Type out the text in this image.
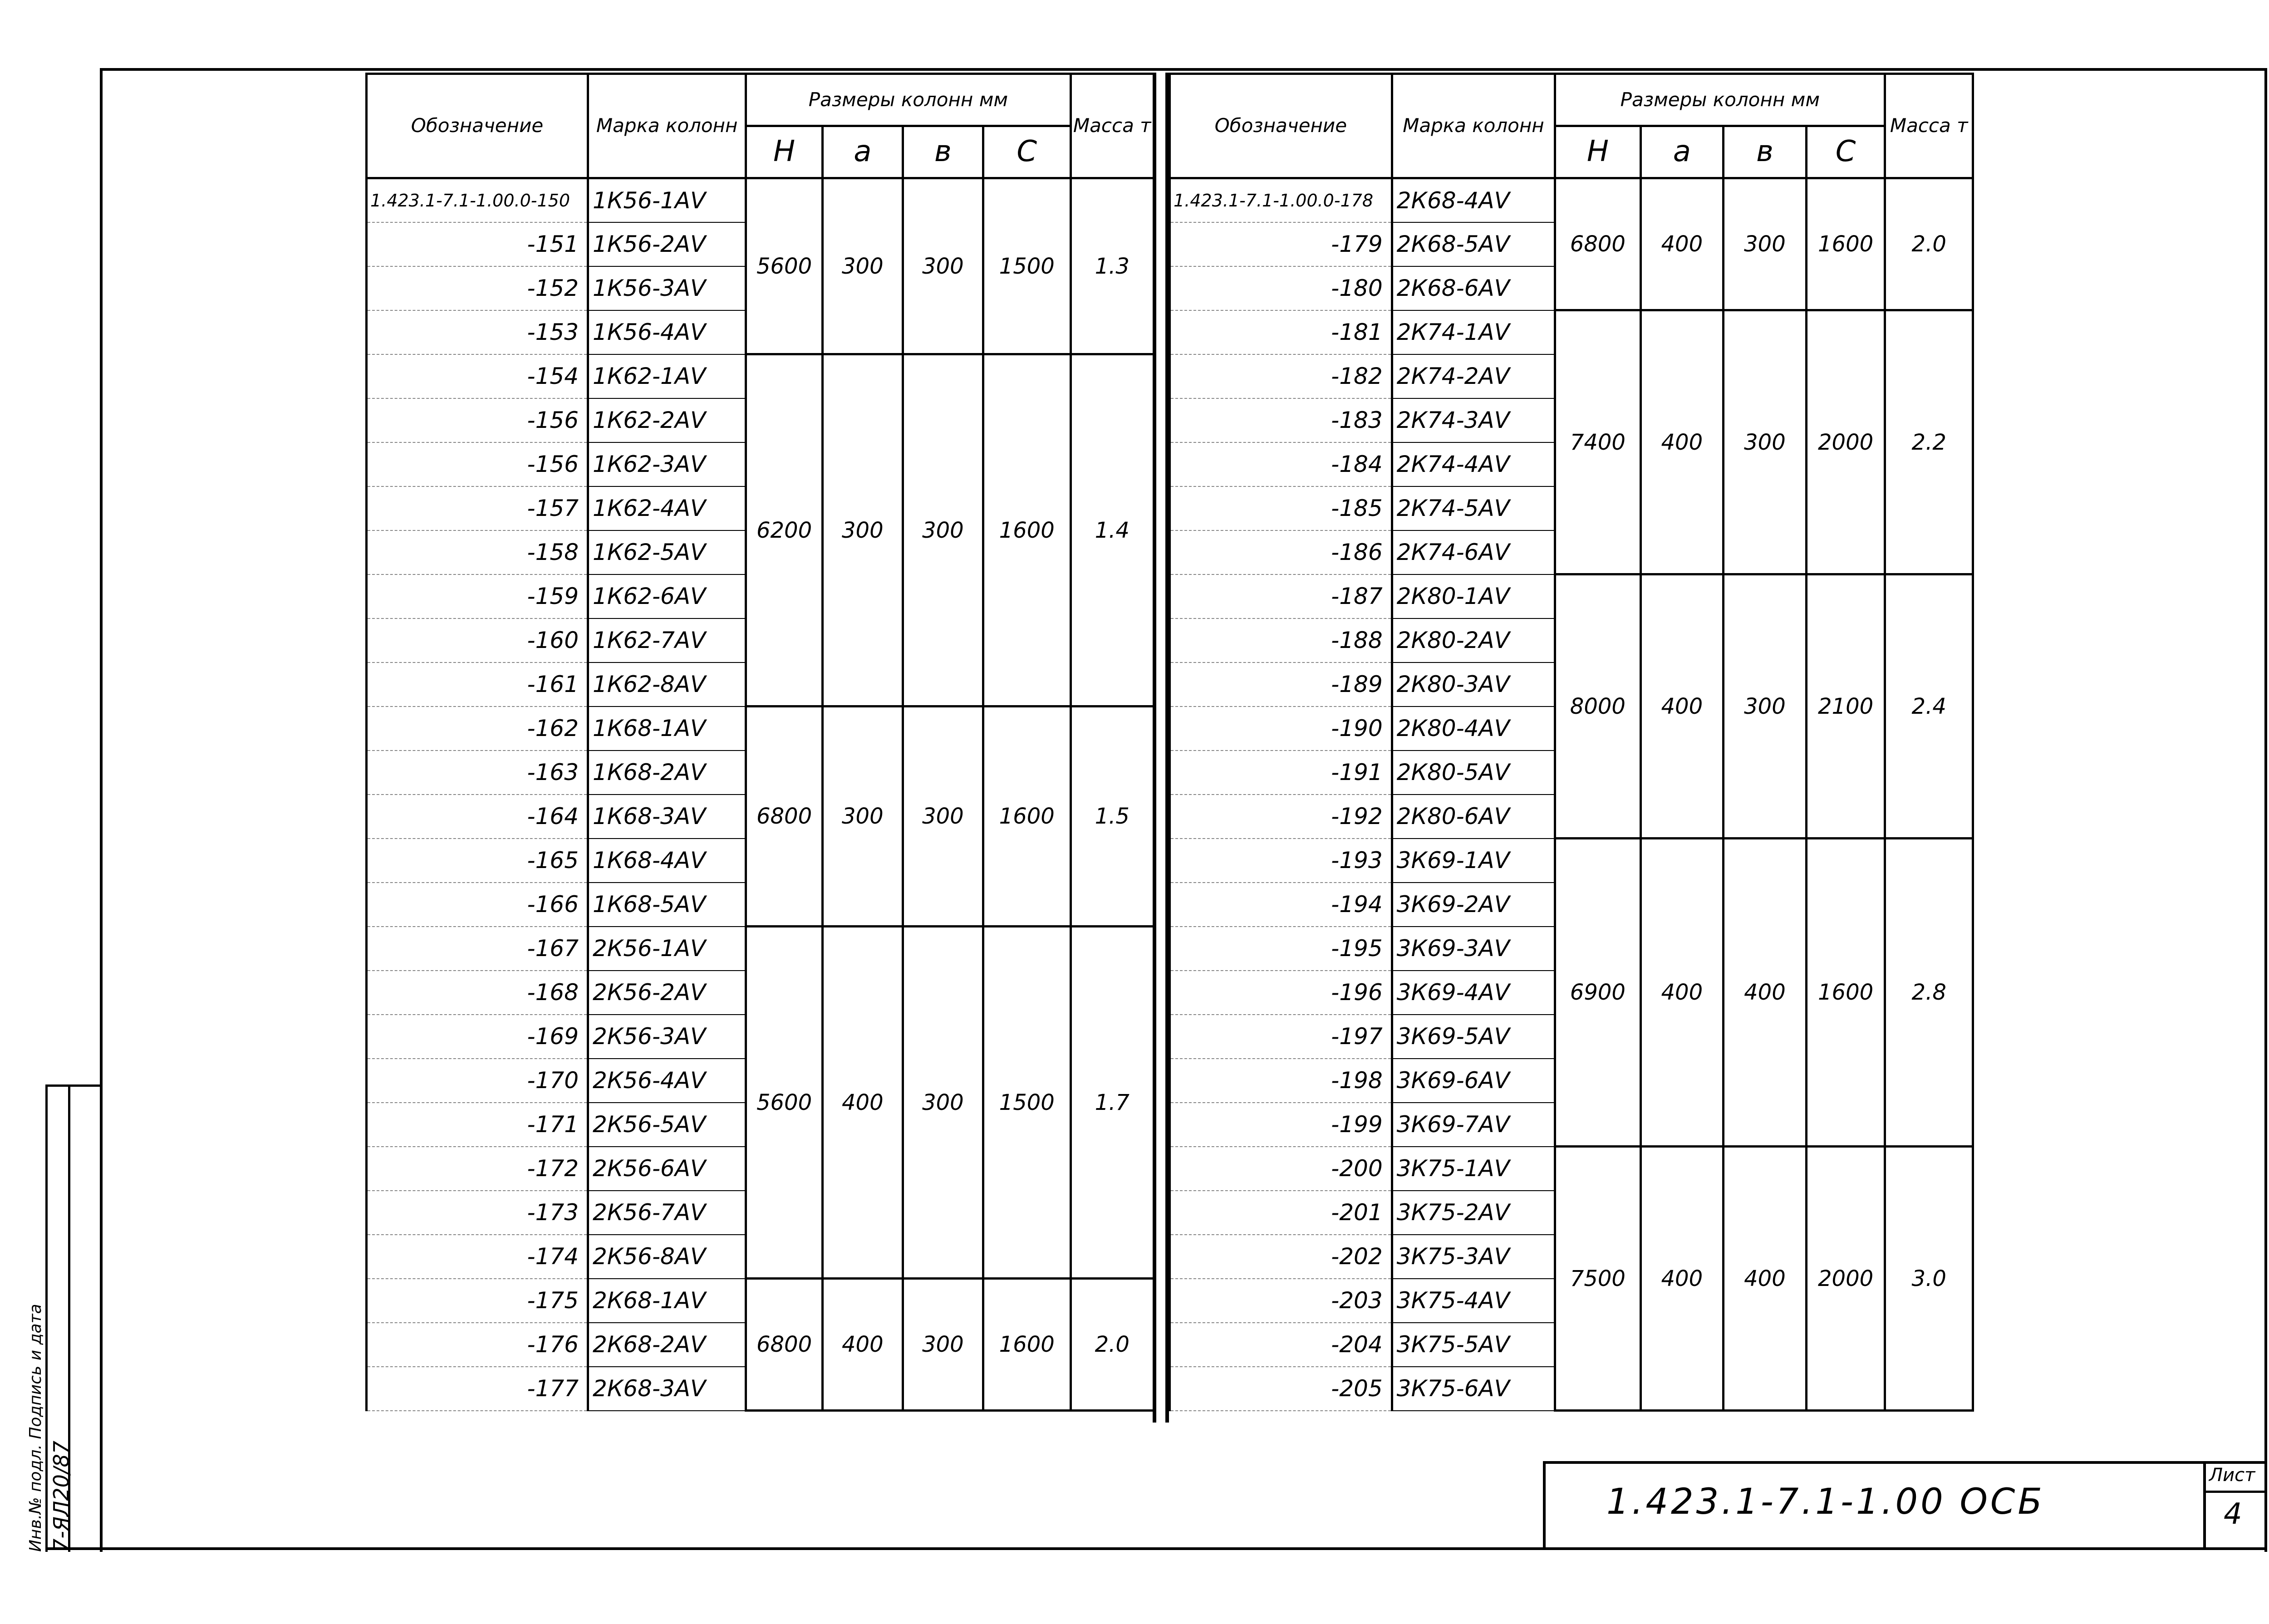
Обозначение	Марка колонн	Размеры колонн мм				Масса т
		Н	а	в	С	
1.423.1-7.1-1.00.0-150	1К56-1АV	5600	300	300	1500	1.3
-151	1К56-2АV					
-152	1К56-3АV					
-153	1К56-4АV					
-154	1К62-1АV	6200	300	300	1600	1.4
-156	1К62-2АV					
-156	1К62-3АV					
-157	1К62-4АV					
-158	1К62-5АV					
-159	1К62-6АV					
-160	1К62-7АV					
-161	1К62-8АV					
-162	1К68-1АV	6800	300	300	1600	1.5
-163	1К68-2АV					
-164	1К68-3АV					
-165	1К68-4АV					
-166	1К68-5АV					
-167	2К56-1АV	5600	400	300	1500	1.7
-168	2К56-2АV					
-169	2К56-3АV					
-170	2К56-4АV					
-171	2К56-5АV					
-172	2К56-6АV					
-173	2К56-7АV					
-174	2К56-8АV					
-175	2К68-1АV	6800	400	300	1600	2.0
-176	2К68-2АV					
-177	2К68-3АV					
Обозначение	Марка колонн	Размеры колонн мм				Масса т
		Н	а	в	С	
1.423.1-7.1-1.00.0-178	2К68-4АV	6800	400	300	1600	2.0
-179	2К68-5АV					
-180	2К68-6АV					
-181	2К74-1АV	7400	400	300	2000	2.2
-182	2К74-2АV					
-183	2К74-3АV					
-184	2К74-4АV					
-185	2К74-5АV					
-186	2К74-6АV					
-187	2К80-1АV	8000	400	300	2100	2.4
-188	2К80-2АV					
-189	2К80-3АV					
-190	2К80-4АV					
-191	2К80-5АV					
-192	2К80-6АV					
-193	3К69-1АV	6900	400	400	1600	2.8
-194	3К69-2АV					
-195	3К69-3АV					
-196	3К69-4АV					
-197	3К69-5АV					
-198	3К69-6АV					
-199	3К69-7АV					
-200	3К75-1АV	7500	400	400	2000	3.0
-201	3К75-2АV					
-202	3К75-3АV					
-203	3К75-4АV					
-204	3К75-5АV					
-205	3К75-6АV					
1.423.1-7.1-1.00 ОСБ
Лист
4
Инв.№ подл. Подпись и дата 7-ЯЛ20/87
